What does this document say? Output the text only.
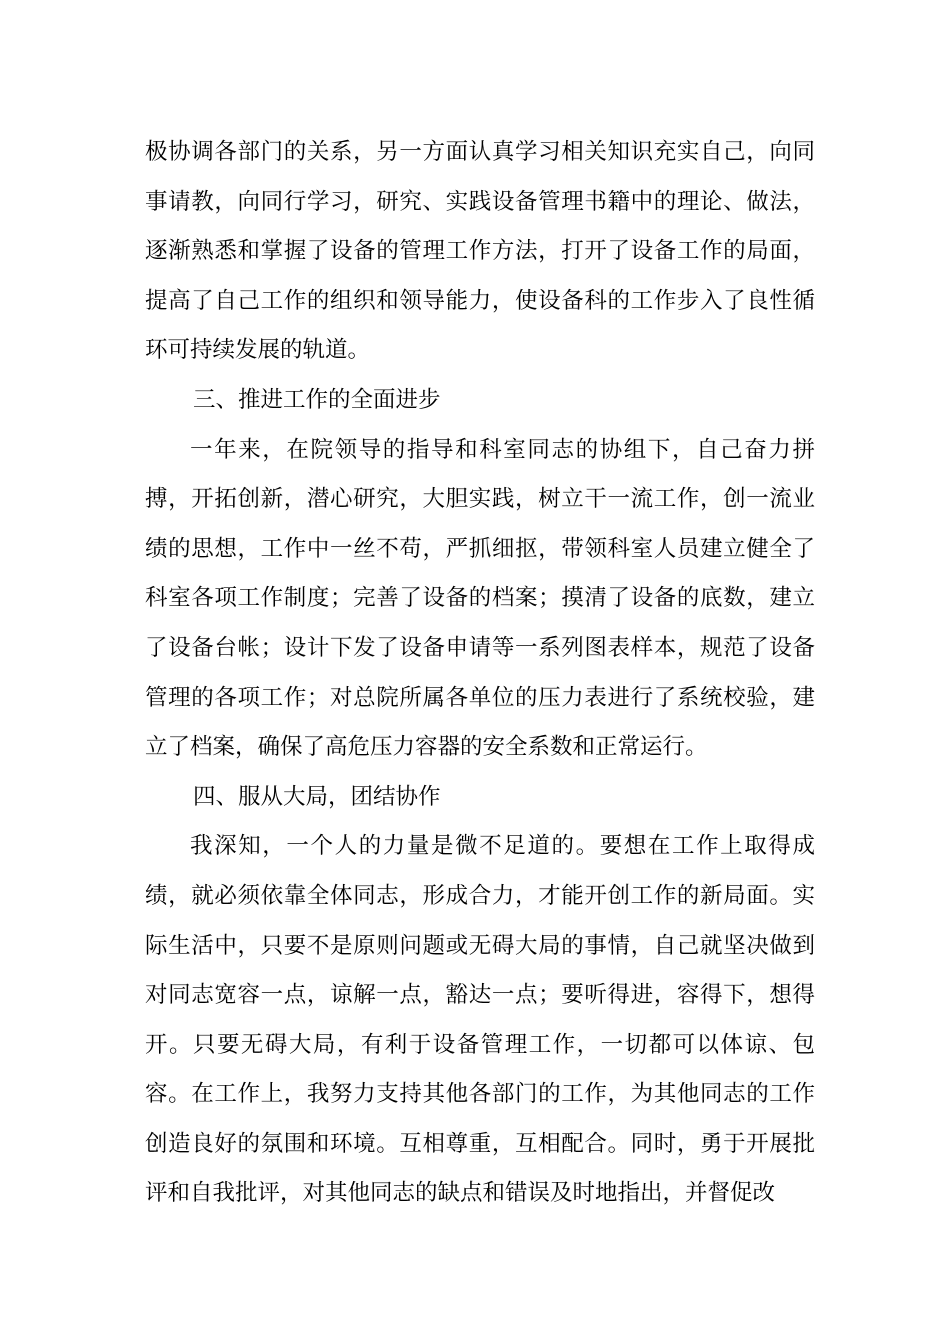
极协调各部门的关系，另一方面认真学习相关知识充实自己，向同事请教，向同行学习，研究、实践设备管理书籍中的理论、做法，逐渐熟悉和掌握了设备的管理工作方法，打开了设备工作的局面，提高了自己工作的组织和领导能力，使设备科的工作步入了良性循环可持续发展的轨道。

三、推进工作的全面进步

一年来，在院领导的指导和科室同志的协组下，自己奋力拼搏，开拓创新，潜心研究，大胆实践，树立干一流工作，创一流业绩的思想，工作中一丝不苟，严抓细抠，带领科室人员建立健全了科室各项工作制度；完善了设备的档案；摸清了设备的底数，建立了设备台帐；设计下发了设备申请等一系列图表样本，规范了设备管理的各项工作；对总院所属各单位的压力表进行了系统校验，建立了档案，确保了高危压力容器的安全系数和正常运行。

四、服从大局，团结协作

我深知，一个人的力量是微不足道的。要想在工作上取得成绩，就必须依靠全体同志，形成合力，才能开创工作的新局面。实际生活中，只要不是原则问题或无碍大局的事情，自己就坚决做到对同志宽容一点，谅解一点，豁达一点；要听得进，容得下，想得开。只要无碍大局，有利于设备管理工作，一切都可以体谅、包容。在工作上，我努力支持其他各部门的工作，为其他同志的工作创造良好的氛围和环境。互相尊重，互相配合。同时，勇于开展批评和自我批评，对其他同志的缺点和错误及时地指出，并督促改
